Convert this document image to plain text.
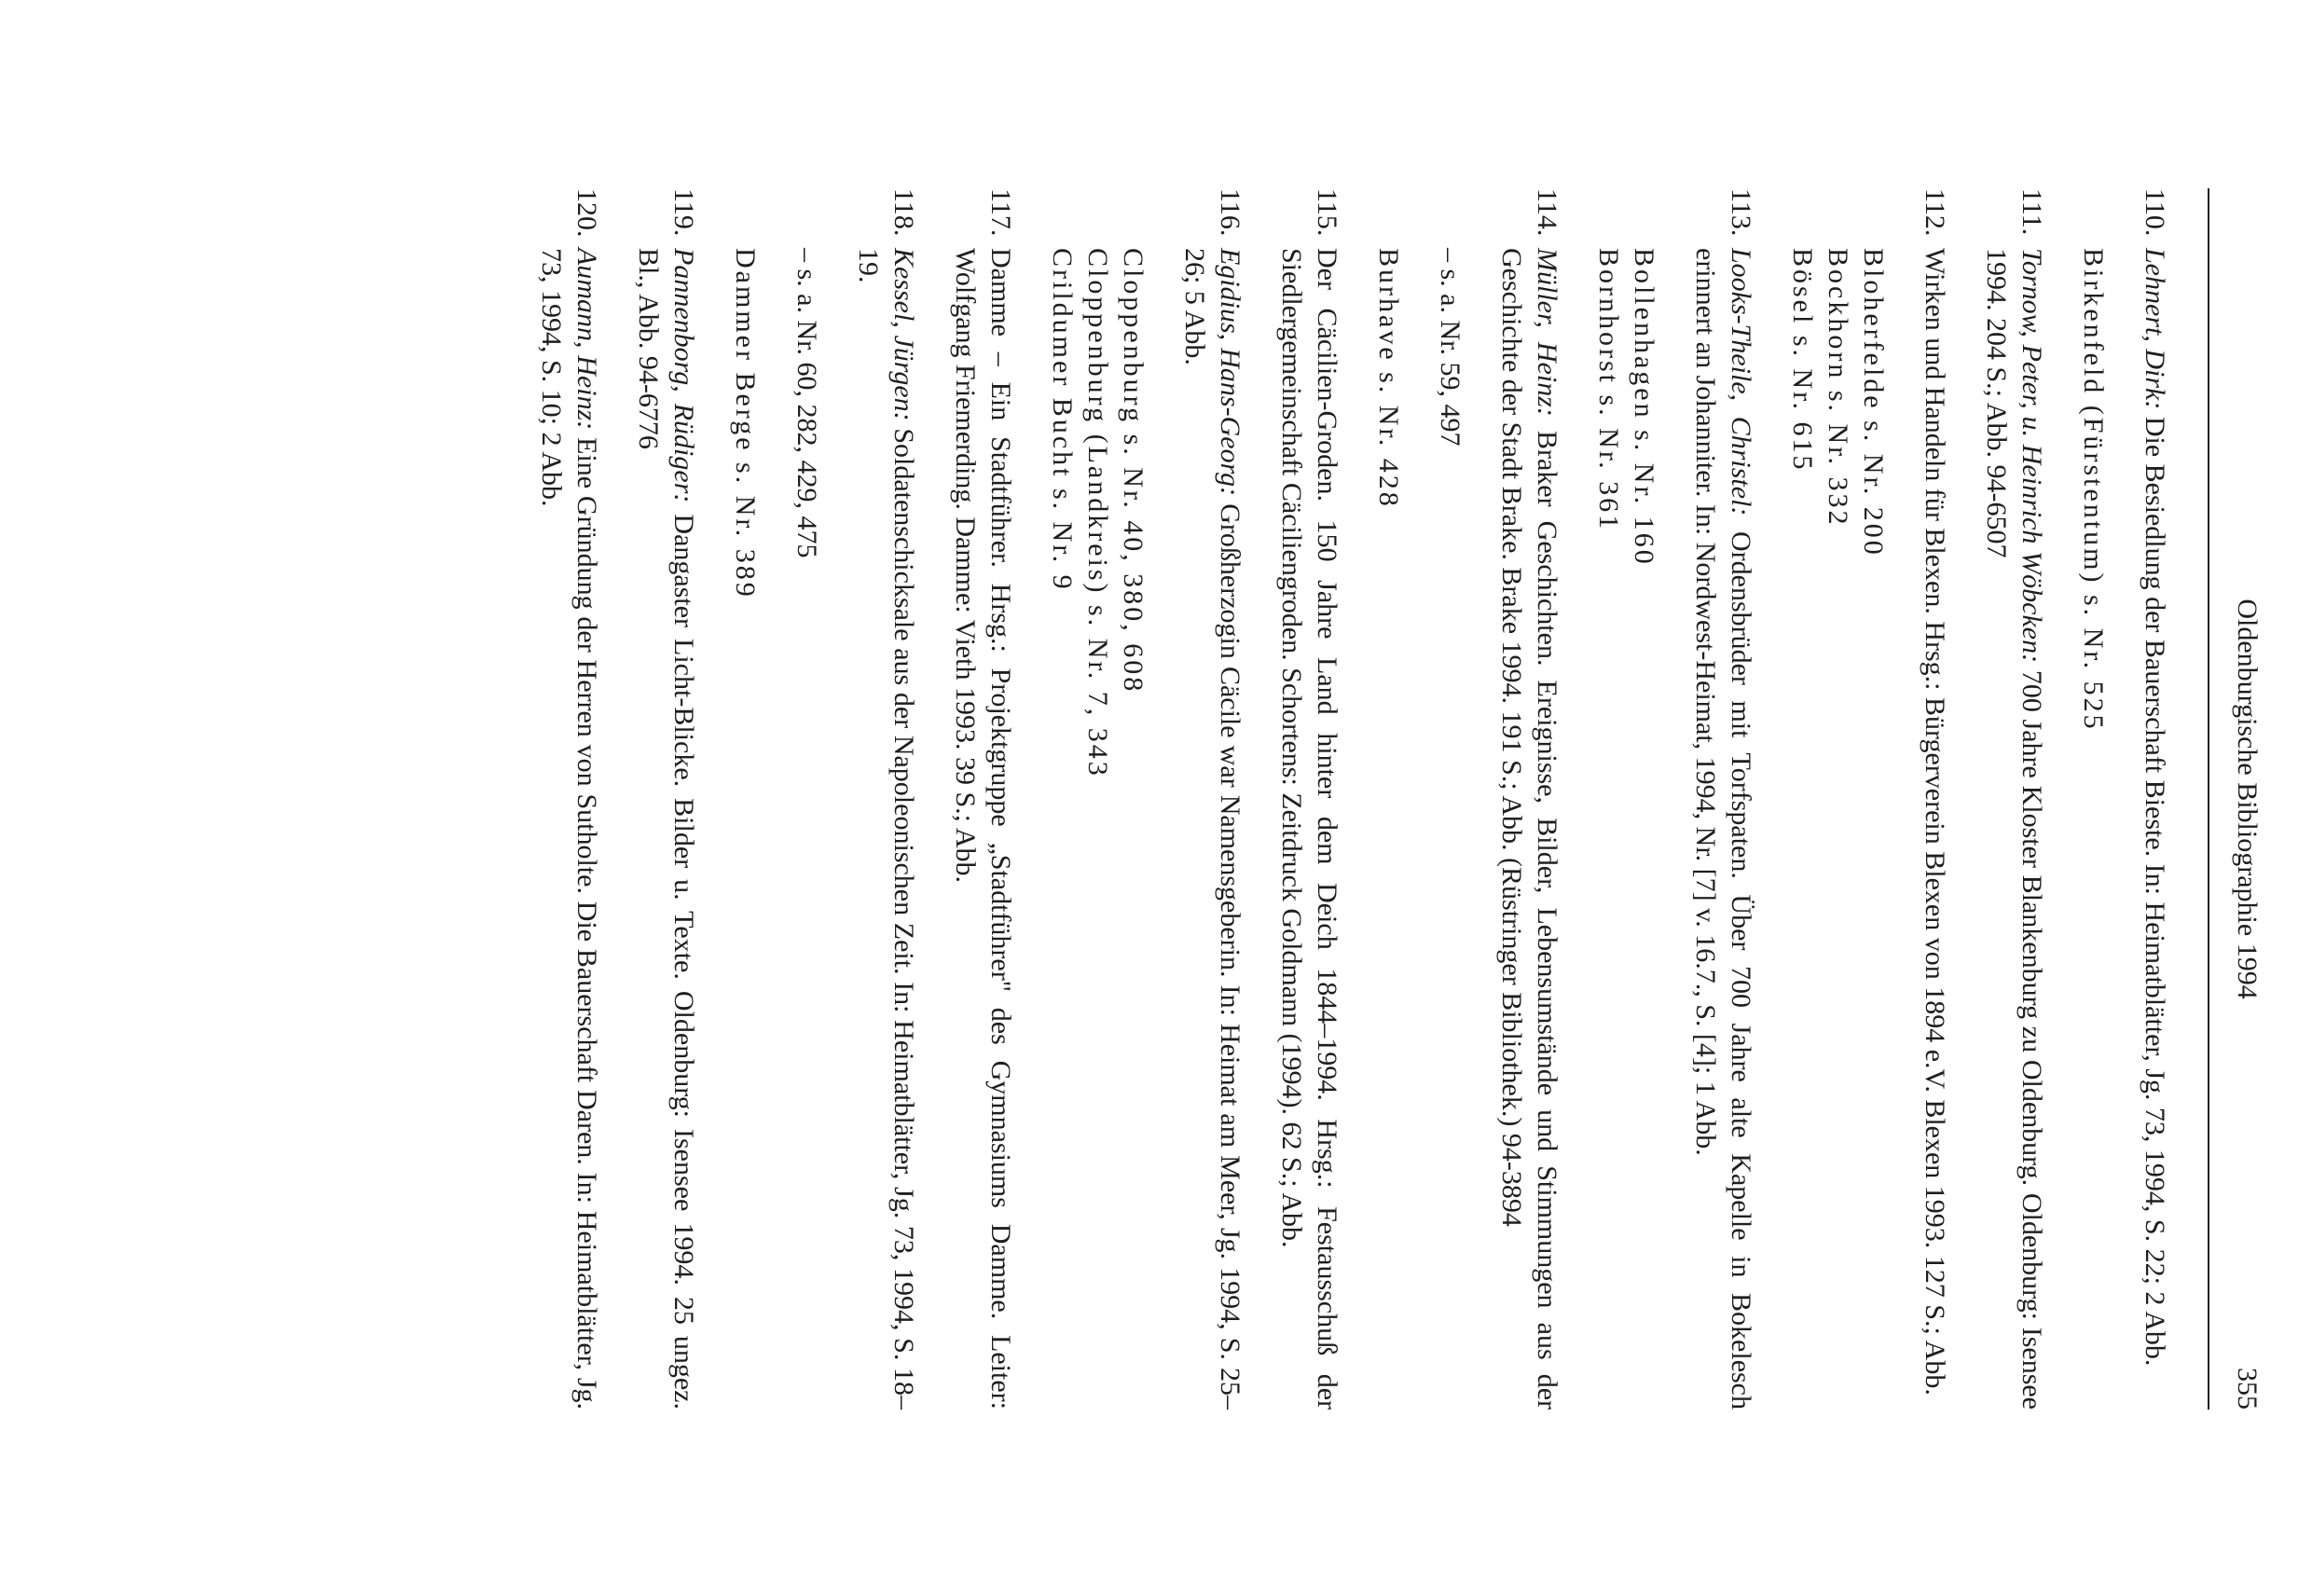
Oldenburgische Bibliographie 1994
355
110.
Lehnert, Dirk: Die Besiedlung der Bauerschaft Bieste. In: Heimatblätter, Jg. 73, 1994, S. 22; 2 Abb.
Birkenfeld (Fürstentum) s. Nr. 525
111.
Tornow, Peter, u. Heinrich Wöbcken: 700 Jahre Kloster Blankenburg zu Oldenburg. Oldenburg: Isensee 1994. 204 S.; Abb. 94-6507
112.
Wirken und Handeln für Blexen. Hrsg.: Bürgerverein Blexen von 1894 e.V. Blexen 1993. 127 S.; Abb.
Bloherfelde s. Nr. 200
Bockhorn s. Nr. 332
Bösel s. Nr. 615
113.
Looks-Theile, Christel: Ordensbrüder mit Torfspaten. Über 700 Jahre alte Kapelle in Bokelesch erinnert an Johanniter. In: Nordwest-Heimat, 1994, Nr. [7] v. 16.7., S. [4]; 1 Abb.
Bollenhagen s. Nr. 160
Bornhorst s. Nr. 361
114.
Müller, Heinz: Braker Geschichten. Ereignisse, Bilder, Lebensumstände und Stimmungen aus der Geschichte der Stadt Brake. Brake 1994. 191 S.; Abb. (Rüstringer Bibliothek.) 94-3894
– s. a. Nr. 59, 497
Burhave s. Nr. 428
115.
Der Cäcilien-Groden. 150 Jahre Land hinter dem Deich 1844–1994. Hrsg.: Festausschuß der Siedlergemeinschaft Cäciliengroden. Schortens: Zeitdruck Goldmann (1994). 62 S.; Abb.
116.
Egidius, Hans-Georg: Großherzogin Cäcile war Namensgeberin. In: Heimat am Meer, Jg. 1994, S. 25–26; 5 Abb.
Cloppenburg s. Nr. 40, 380, 608
Cloppenburg (Landkreis) s. Nr. 7, 343
Crildumer Bucht s. Nr. 9
117.
Damme – Ein Stadtführer. Hrsg.: Projektgruppe „Stadtführer" des Gymnasiums Damme. Leiter: Wolfgang Friemerding. Damme: Vieth 1993. 39 S.; Abb.
118.
Kessel, Jürgen: Soldatenschicksale aus der Napoleonischen Zeit. In: Heimatblätter, Jg. 73, 1994, S. 18–19.
– s. a. Nr. 60, 282, 429, 475
Dammer Berge s. Nr. 389
119.
Pannenborg, Rüdiger: Dangaster Licht-Blicke. Bilder u. Texte. Oldenburg: Isensee 1994. 25 ungez. Bl., Abb. 94-6776
120.
Aumann, Heinz: Eine Gründung der Herren von Sutholte. Die Bauerschaft Daren. In: Heimatblätter, Jg. 73, 1994, S. 10; 2 Abb.
